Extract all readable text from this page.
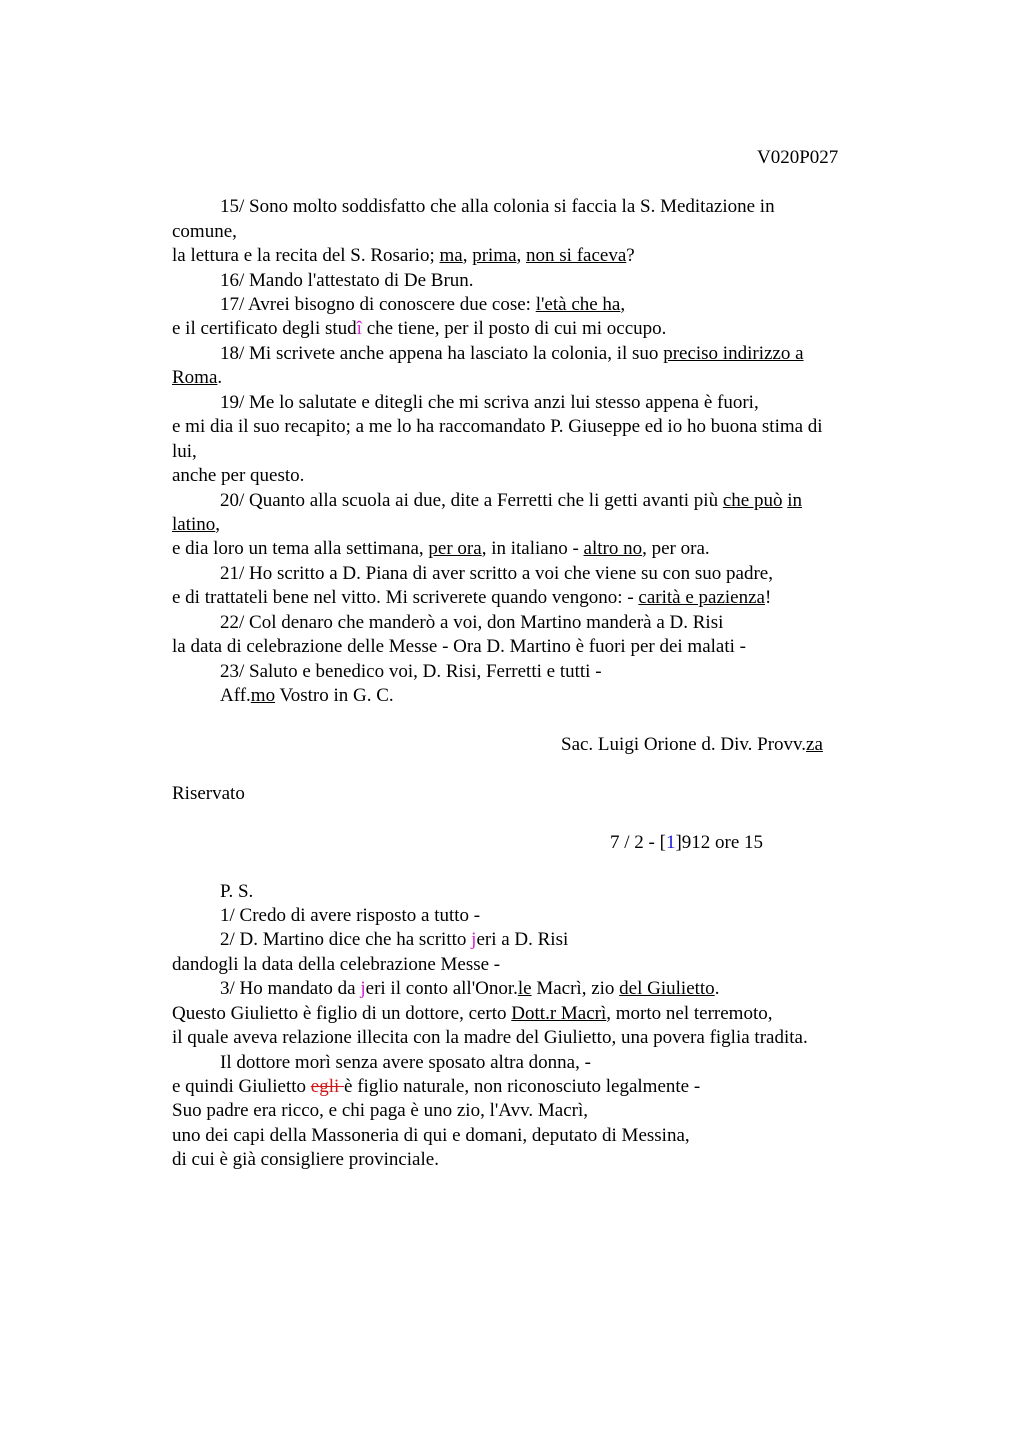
V020P027
15/ Sono molto soddisfatto che alla colonia si faccia la S. Meditazione in
comune,
la lettura e la recita del S. Rosario; ma, prima, non si faceva?
16/ Mando l'attestato di De Brun.
17/ Avrei bisogno di conoscere due cose: l'età che ha,
e il certificato degli studî che tiene, per il posto di cui mi occupo.
18/ Mi scrivete anche appena ha lasciato la colonia, il suo preciso indirizzo a
Roma.
19/ Me lo salutate e ditegli che mi scriva anzi lui stesso appena è fuori,
e mi dia il suo recapito; a me lo ha raccomandato P. Giuseppe ed io ho buona stima di
lui,
anche per questo.
20/ Quanto alla scuola ai due, dite a Ferretti che li getti avanti più che può in
latino,
e dia loro un tema alla settimana, per ora, in italiano - altro no, per ora.
21/ Ho scritto a D. Piana di aver scritto a voi che viene su con suo padre,
e di trattateli bene nel vitto. Mi scriverete quando vengono: - carità e pazienza!
22/ Col denaro che manderò a voi, don Martino manderà a D. Risi
la data di celebrazione delle Messe - Ora D. Martino è fuori per dei malati -
23/ Saluto e benedico voi, D. Risi, Ferretti e tutti -
Aff.mo Vostro in G. C.
Sac. Luigi Orione d. Div. Provv.za
Riservato
7 / 2 - [1]912 ore 15
P. S.
1/ Credo di avere risposto a tutto -
2/ D. Martino dice che ha scritto jeri a D. Risi
dandogli la data della celebrazione Messe -
3/ Ho mandato da jeri il conto all'Onor.le Macrì, zio del Giulietto.
Questo Giulietto è figlio di un dottore, certo Dott.r Macrì, morto nel terremoto,
il quale aveva relazione illecita con la madre del Giulietto, una povera figlia tradita.
Il dottore morì senza avere sposato altra donna, -
e quindi Giulietto egli è figlio naturale, non riconosciuto legalmente -
Suo padre era ricco, e chi paga è uno zio, l'Avv. Macrì,
uno dei capi della Massoneria di qui e domani, deputato di Messina,
di cui è già consigliere provinciale.
